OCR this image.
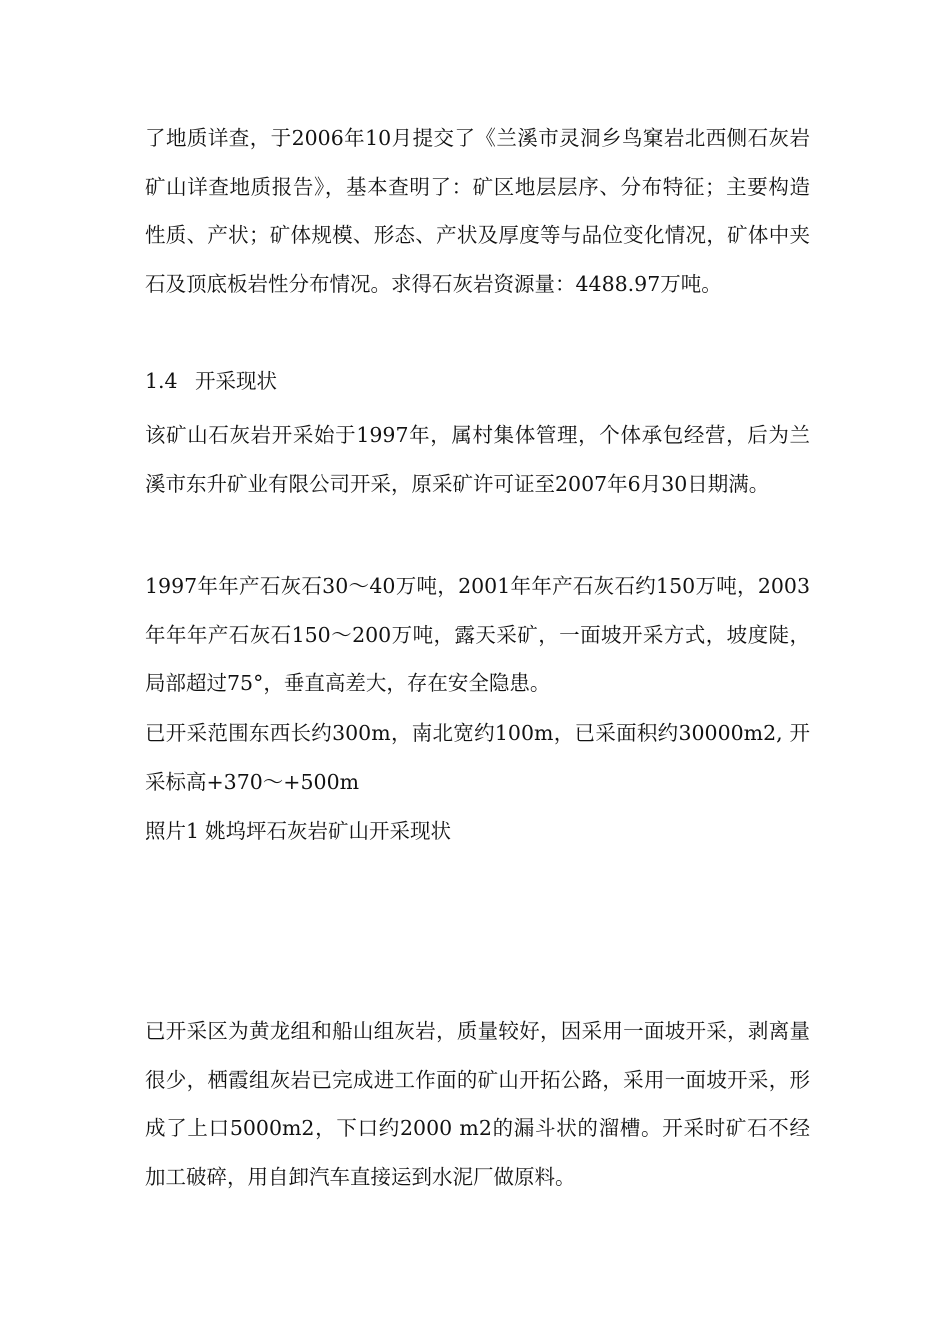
了地质详查，于2006年10月提交了《兰溪市灵洞乡鸟窠岩北西侧石灰岩矿山详查地质报告》，基本查明了：矿区地层层序、分布特征；主要构造性质、产状；矿体规模、形态、产状及厚度等与品位变化情况，矿体中夹石及顶底板岩性分布情况。求得石灰岩资源量：4488.97万吨。

1.4 开采现状

该矿山石灰岩开采始于1997年，属村集体管理，个体承包经营，后为兰溪市东升矿业有限公司开采，原采矿许可证至2007年6月30日期满。

1997年年产石灰石30～40万吨，2001年年产石灰石约150万吨，2003年年年产石灰石150～200万吨，露天采矿，一面坡开采方式，坡度陡，局部超过75°，垂直高差大，存在安全隐患。

已开采范围东西长约300m，南北宽约100m，已采面积约30000m2, 开采标高+370～+500m

照片1 姚坞坪石灰岩矿山开采现状

已开采区为黄龙组和船山组灰岩，质量较好，因采用一面坡开采，剥离量很少，栖霞组灰岩已完成进工作面的矿山开拓公路，采用一面坡开采，形成了上口5000m2，下口约2000 m2的漏斗状的溜槽。开采时矿石不经加工破碎，用自卸汽车直接运到水泥厂做原料。
